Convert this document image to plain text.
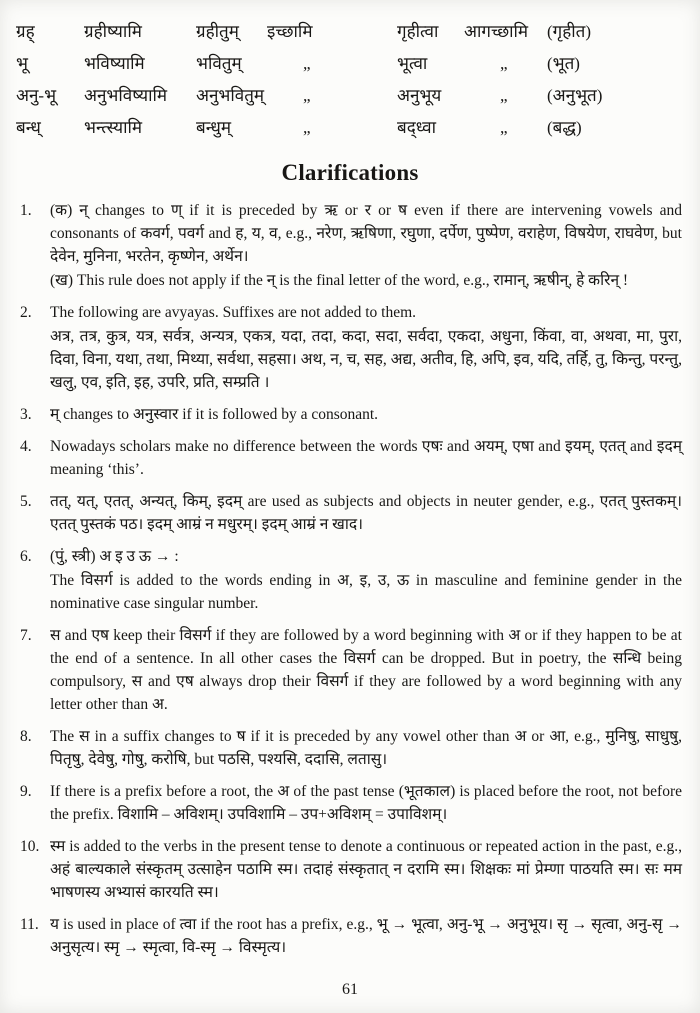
ग्रह्	ग्रहीष्यामि	ग्रहीतुम्	इच्छामि	गृहीत्वा	आगच्छामि	(गृहीत)
भू	भविष्यामि	भवितुम्	„	भूत्वा	„	(भूत)
अनु-भू	अनुभविष्यामि	अनुभवितुम्	„	अनुभूय	„	(अनुभूत)
बन्ध्	भन्त्स्यामि	बन्धुम्	„	बद्ध्वा	„	(बद्ध)
Clarifications
1. (क) न् changes to ण् if it is preceded by ऋ or र or ष even if there are intervening vowels and consonants of कवर्ग, पवर्ग and ह, य, व, e.g., नरेण, ऋषिणा, रघुणा, दर्पेण, पुष्पेण, वराहेण, विषयेण, राघवेण, but देवेन, मुनिना, भरतेन, कृष्णेन, अर्थेन।

(ख) This rule does not apply if the न् is the final letter of the word, e.g., रामान्, ऋषीन्, हे करिन् !

2. The following are avyayas. Suffixes are not added to them.

अत्र, तत्र, कुत्र, यत्र, सर्वत्र, अन्यत्र, एकत्र, यदा, तदा, कदा, सदा, सर्वदा, एकदा, अधुना, किंवा, वा, अथवा, मा, पुरा, दिवा, विना, यथा, तथा, मिथ्या, सर्वथा, सहसा। अथ, न, च, सह, अद्य, अतीव, हि, अपि, इव, यदि, तर्हि, तु, किन्तु, परन्तु, खलु, एव, इति, इह, उपरि, प्रति, सम्प्रति ।

3. म् changes to अनुस्वार if it is followed by a consonant.

4. Nowadays scholars make no difference between the words एषः and अयम्, एषा and इयम्, एतत् and इदम् meaning ‘this’.

5. तत्, यत्, एतत्, अन्यत्, किम्, इदम् are used as subjects and objects in neuter gender, e.g., एतत् पुस्तकम्। एतत् पुस्तकं पठ। इदम् आम्रं न मधुरम्। इदम् आम्रं न खाद।

6. (पुं, स्त्री) अ इ उ ऊ → :

The विसर्ग is added to the words ending in अ, इ, उ, ऊ in masculine and feminine gender in the nominative case singular number.

7. स and एष keep their विसर्ग if they are followed by a word beginning with अ or if they happen to be at the end of a sentence. In all other cases the विसर्ग can be dropped. But in poetry, the सन्धि being compulsory, स and एष always drop their विसर्ग if they are followed by a word beginning with any letter other than अ.

8. The स in a suffix changes to ष if it is preceded by any vowel other than अ or आ, e.g., मुनिषु, साधुषु, पितृषु, देवेषु, गोषु, करोषि, but पठसि, पश्यसि, ददासि, लतासु।

9. If there is a prefix before a root, the अ of the past tense (भूतकाल) is placed before the root, not before the prefix. विशामि – अविशम्। उपविशामि – उप+अविशम् = उपाविशम्।

10. स्म is added to the verbs in the present tense to denote a continuous or repeated action in the past, e.g., अहं बाल्यकाले संस्कृतम् उत्साहेन पठामि स्म। तदाहं संस्कृतात् न दरामि स्म। शिक्षकः मां प्रेम्णा पाठयति स्म। सः मम भाषणस्य अभ्यासं कारयति स्म।

11. य is used in place of त्वा if the root has a prefix, e.g., भू → भूत्वा, अनु-भू → अनुभूय। सृ → सृत्वा, अनु-सृ → अनुसृत्य। स्मृ → स्मृत्वा, वि-स्मृ → विस्मृत्य।

61
